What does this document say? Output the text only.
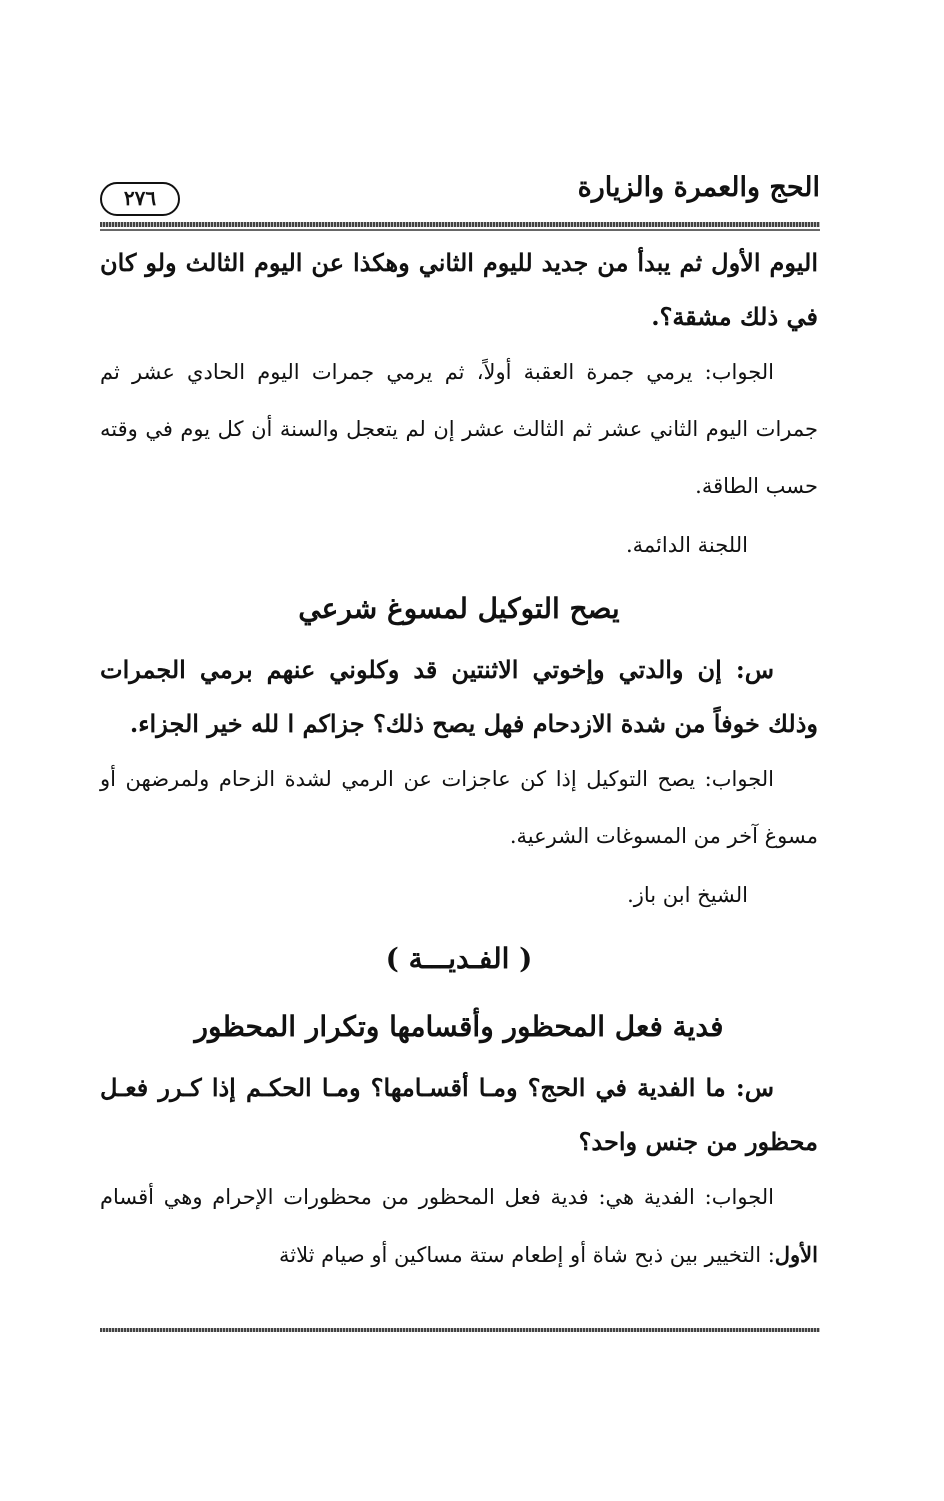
الحج والعمرة والزيارة
٢٧٦

اليوم الأول ثم يبدأ من جديد لليوم الثاني وهكذا عن اليوم الثالث ولو كان في ذلك مشقة؟.

الجواب: يرمي جمرة العقبة أولاً، ثم يرمي جمرات اليوم الحادي عشر ثم جمرات اليوم الثاني عشر ثم الثالث عشر إن لم يتعجل والسنة أن كل يوم في وقته حسب الطاقة.

اللجنة الدائمة.

يصح التوكيل لمسوغ شرعي

س: إن والدتي وإخوتي الاثنتين قد وكلوني عنهم برمي الجمرات وذلك خوفاً من شدة الازدحام فهل يصح ذلك؟ جزاكم ا لله خير الجزاء.

الجواب: يصح التوكيل إذا كن عاجزات عن الرمي لشدة الزحام ولمرضهن أو مسوغ آخر من المسوغات الشرعية.

الشيخ ابن باز.

( الفـديـــة )
فدية فعل المحظور وأقسامها وتكرار المحظور

س: ما الفدية في الحج؟ ومـا أقسـامها؟ ومـا الحكـم إذا كـرر فعـل محظور من جنس واحد؟

الجواب: الفدية هي: فدية فعل المحظور من محظورات الإحرام وهي أقسام الأول: التخيير بين ذبح شاة أو إطعام ستة مساكين أو صيام ثلاثة
